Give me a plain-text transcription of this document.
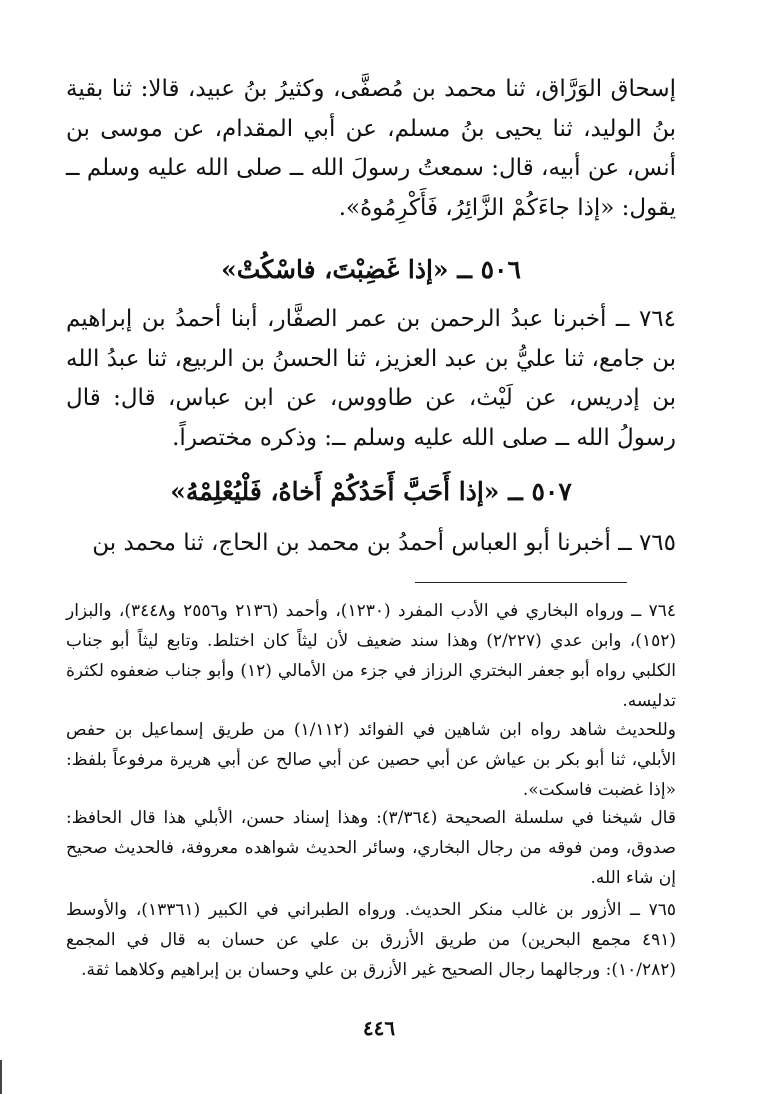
إسحاق الوَرَّاق، ثنا محمد بن مُصفَّى، وكثيرُ بنُ عبيد، قالا: ثنا بقية بنُ الوليد، ثنا يحيى بنُ مسلم، عن أبي المقدام، عن موسى بن أنس، عن أبيه، قال: سمعتُ رسولَ الله ــ صلى الله عليه وسلم ــ يقول: «إذا جاءَكُمْ الزَّائِرُ، فَأَكْرِمُوهُ».

٥٠٦ ــ «إذا غَضِبْتَ، فاسْكُتْ»

٧٦٤ ــ أخبرنا عبدُ الرحمن بن عمر الصفَّار، أبنا أحمدُ بن إبراهيم بن جامع، ثنا عليُّ بن عبد العزيز، ثنا الحسنُ بن الربيع، ثنا عبدُ الله بن إدريس، عن لَيْث، عن طاووس، عن ابن عباس، قال: قال رسولُ الله ــ صلى الله عليه وسلم ــ: وذكره مختصراً.

٥٠٧ ــ «إذا أَحَبَّ أَحَدُكُمْ أَخاهُ، فَلْيُعْلِمْهُ»

٧٦٥ ــ أخبرنا أبو العباس أحمدُ بن محمد بن الحاج، ثنا محمد بن

٧٦٤ ــ ورواه البخاري في الأدب المفرد (١٢٣٠)، وأحمد (٢١٣٦ و٢٥٥٦ و٣٤٤٨)، والبزار (١٥٢)، وابن عدي (٢/٢٢٧) وهذا سند ضعيف لأن ليثاً كان اختلط. وتابع ليثاً أبو جناب الكلبي رواه أبو جعفر البختري الرزاز في جزء من الأمالي (١٢) وأبو جناب ضعفوه لكثرة تدليسه.

وللحديث شاهد رواه ابن شاهين في الفوائد (١/١١٢) من طريق إسماعيل بن حفص الأبلي، ثنا أبو بكر بن عياش عن أبي حصين عن أبي صالح عن أبي هريرة مرفوعاً بلفظ: «إذا غضبت فاسكت».

قال شيخنا في سلسلة الصحيحة (٣/٣٦٤): وهذا إسناد حسن، الأبلي هذا قال الحافظ: صدوق، ومن فوقه من رجال البخاري، وسائر الحديث شواهده معروفة، فالحديث صحيح إن شاء الله.

٧٦٥ ــ الأزور بن غالب منكر الحديث. ورواه الطبراني في الكبير (١٣٣٦١)، والأوسط (٤٩١ مجمع البحرين) من طريق الأزرق بن علي عن حسان به قال في المجمع (١٠/٢٨٢): ورجالهما رجال الصحيح غير الأزرق بن علي وحسان بن إبراهيم وكلاهما ثقة.

٤٤٦
